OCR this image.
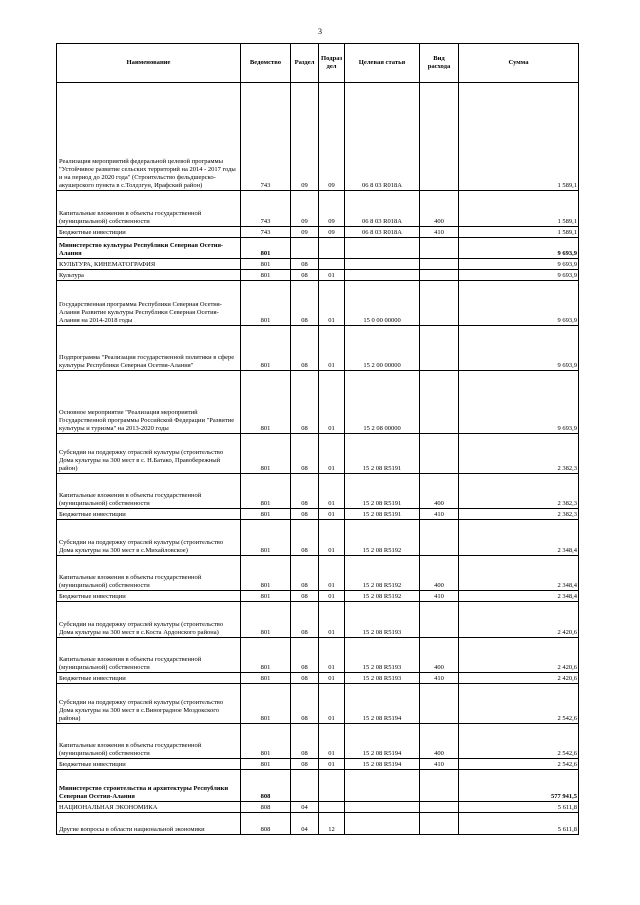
3
Наименование	Ведомство	Раздел	Подраз дел	Целевая статья	Вид расхода	Сумма
Реализация мероприятий федеральной целевой программы "Устойчивое развитие сельских территорий на 2014 - 2017 годы и на период до 2020 года" (Строительство фельдшерско-акушерского пункта в с.Толдзгун, Ирафский район)	743	09	09	06 8 03 R018A		1 589,1
Капитальные вложения в объекты государственной (муниципальной) собственности	743	09	09	06 8 03 R018A	400	1 589,1
Бюджетные инвестиции	743	09	09	06 8 03 R018A	410	1 589,1
Министерство культуры Республики Северная Осетия-Алания	801					9 693,9
КУЛЬТУРА, КИНЕМАТОГРАФИЯ	801	08				9 693,9
Культура	801	08	01			9 693,9
Государственная программа Республики Северная Осетия-Алания Развитие культуры Республики Северная Осетия-Алания на 2014-2018 годы	801	08	01	15 0 00 00000		9 693,9
Подпрограмма "Реализация государственной политики в сфере культуры Республики Северная Осетия-Алания"	801	08	01	15 2 00 00000		9 693,9
Основное мероприятие "Реализация мероприятий Государственной программы Российской Федерации "Развитие культуры и туризма" на 2013-2020 годы	801	08	01	15 2 08 00000		9 693,9
Субсидии на поддержку отраслей культуры (строительство Дома культуры на 300 мест в с. Н.Батако, Правобережный район)	801	08	01	15 2 08 R5191		2 382,3
Капитальные вложения в объекты государственной (муниципальной) собственности	801	08	01	15 2 08 R5191	400	2 382,3
Бюджетные инвестиции	801	08	01	15 2 08 R5191	410	2 382,3
Субсидии на поддержку отраслей культуры (строительство Дома культуры на 300 мест в с.Михайловское)	801	08	01	15 2 08 R5192		2 348,4
Капитальные вложения в объекты государственной (муниципальной) собственности	801	08	01	15 2 08 R5192	400	2 348,4
Бюджетные инвестиции	801	08	01	15 2 08 R5192	410	2 348,4
Субсидии на поддержку отраслей культуры (строительство Дома культуры на 300 мест в с.Коста Ардонского района)	801	08	01	15 2 08 R5193		2 420,6
Капитальные вложения в объекты государственной (муниципальной) собственности	801	08	01	15 2 08 R5193	400	2 420,6
Бюджетные инвестиции	801	08	01	15 2 08 R5193	410	2 420,6
Субсидии на поддержку отраслей культуры (строительство Дома культуры на 300 мест в с.Виноградное Моздокского района)	801	08	01	15 2 08 R5194		2 542,6
Капитальные вложения в объекты государственной (муниципальной) собственности	801	08	01	15 2 08 R5194	400	2 542,6
Бюджетные инвестиции	801	08	01	15 2 08 R5194	410	2 542,6
Министерство строительства и архитектуры Республики Северная Осетия-Алания	808					577 941,5
НАЦИОНАЛЬНАЯ ЭКОНОМИКА	808	04				5 611,8
Другие вопросы в области национальной экономики	808	04	12			5 611,8
